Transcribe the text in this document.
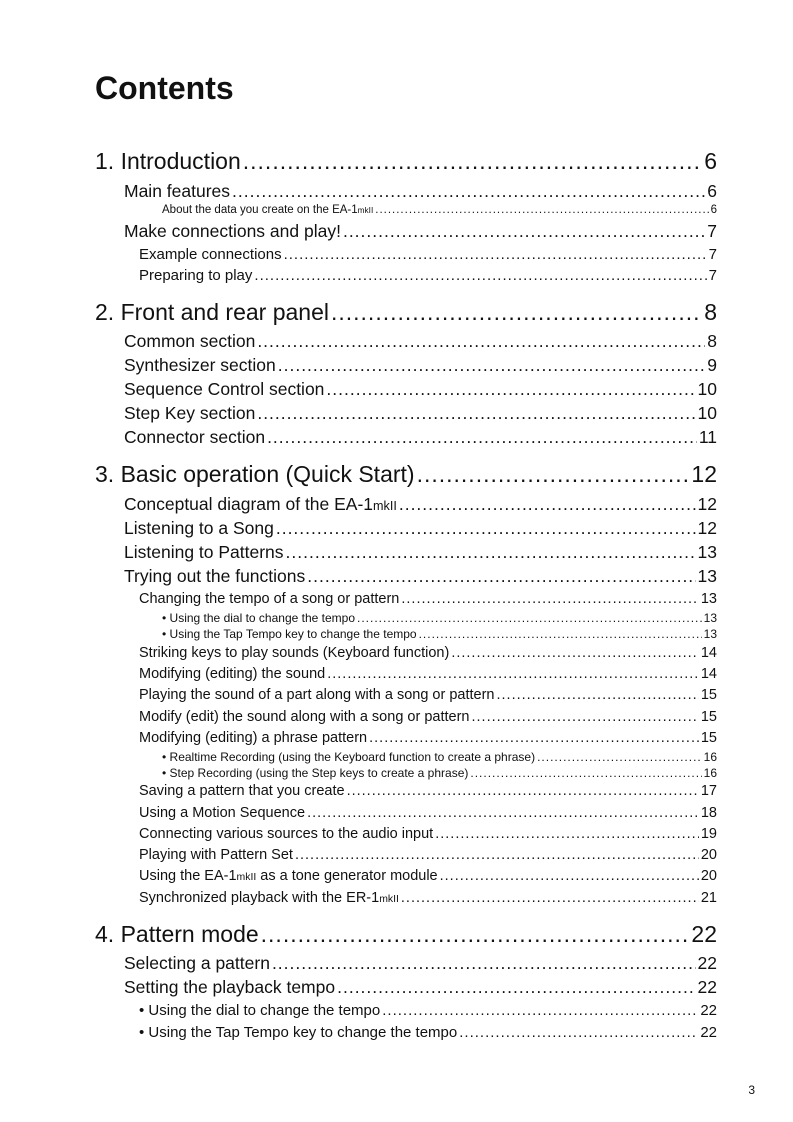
Contents
1. Introduction .....	6
Main features .....	6
About the data you create on the EA-1mkII .....	6
Make connections and play! .....	7
Example connections .....	7
Preparing to play .....	7
2. Front and rear panel .....	8
Common section .....	8
Synthesizer section .....	9
Sequence Control section .....	10
Step Key section .....	10
Connector section .....	11
3. Basic operation (Quick Start) .....	12
Conceptual diagram of the EA-1mkII .....	12
Listening to a Song .....	12
Listening to Patterns .....	13
Trying out the functions .....	13
Changing the tempo of a song or pattern .....	13
• Using the dial to change the tempo .....	13
• Using the Tap Tempo key to change the tempo .....	13
Striking keys to play sounds (Keyboard function) .....	14
Modifying (editing) the sound .....	14
Playing the sound of a part along with a song or pattern .....	15
Modify (edit) the sound along with a song or pattern .....	15
Modifying (editing) a phrase pattern .....	15
• Realtime Recording (using the Keyboard function to create a phrase) .....	16
• Step Recording (using the Step keys to create a phrase) .....	16
Saving a pattern that you create .....	17
Using a Motion Sequence .....	18
Connecting various sources to the audio input .....	19
Playing with Pattern Set .....	20
Using the EA-1mkII as a tone generator module .....	20
Synchronized playback with the ER-1mkII .....	21
4. Pattern mode .....	22
Selecting a pattern .....	22
Setting the playback tempo .....	22
• Using the dial to change the tempo .....	22
• Using the Tap Tempo key to change the tempo .....	22
3
